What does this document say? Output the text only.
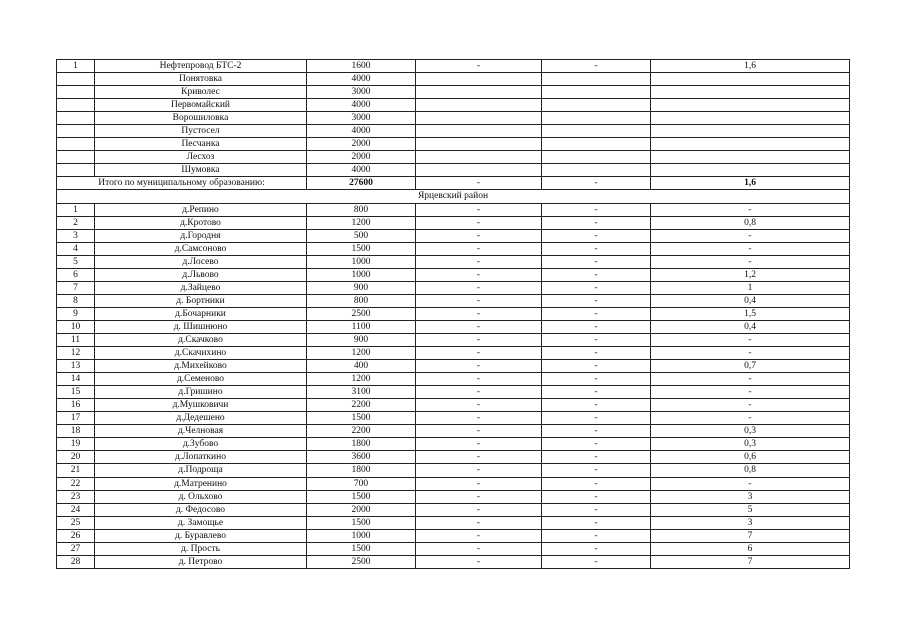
1	Нефтепровод БТС-2	1600	-	-	1,6
	Понятовка	4000			
	Криволес	3000			
	Первомайский	4000			
	Ворошиловка	3000			
	Пустосел	4000			
	Песчанка	2000			
	Лесхоз	2000			
	Шумовка	4000			
Итого по муниципальному образованию:		27600	-	-	1,6
Ярцевский район					
1	д.Репино	800	-	-	-
2	д.Кротово	1200	-	-	0,8
3	д.Городня	500	-	-	-
4	д.Самсоново	1500	-	-	-
5	д.Лосево	1000	-	-	-
6	д.Львово	1000	-	-	1,2
7	д.Зайцево	900	-	-	1
8	д. Бортники	800	-	-	0,4
9	д.Бочарники	2500	-	-	1,5
10	д. Шишнюно	1100	-	-	0,4
11	д.Скачково	900	-	-	-
12	д.Скачихино	1200	-	-	-
13	д.Михейково	400	-	-	0,7
14	д.Семеново	1200	-	-	-
15	д.Гришино	3100	-	-	-
16	д.Мушковичи	2200	-	-	-
17	д.Дедешено	1500	-	-	-
18	д.Челновая	2200	-	-	0,3
19	д.Зубово	1800	-	-	0,3
20	д.Лопаткино	3600	-	-	0,6
21	д.Подроща	1800	-	-	0,8
22	д.Матренино	700	-	-	-
23	д. Ольхово	1500	-	-	3
24	д. Федосово	2000	-	-	5
25	д. Замощье	1500	-	-	3
26	д. Буравлево	1000	-	-	7
27	д. Прость	1500	-	-	6
28	д. Петрово	2500	-	-	7
